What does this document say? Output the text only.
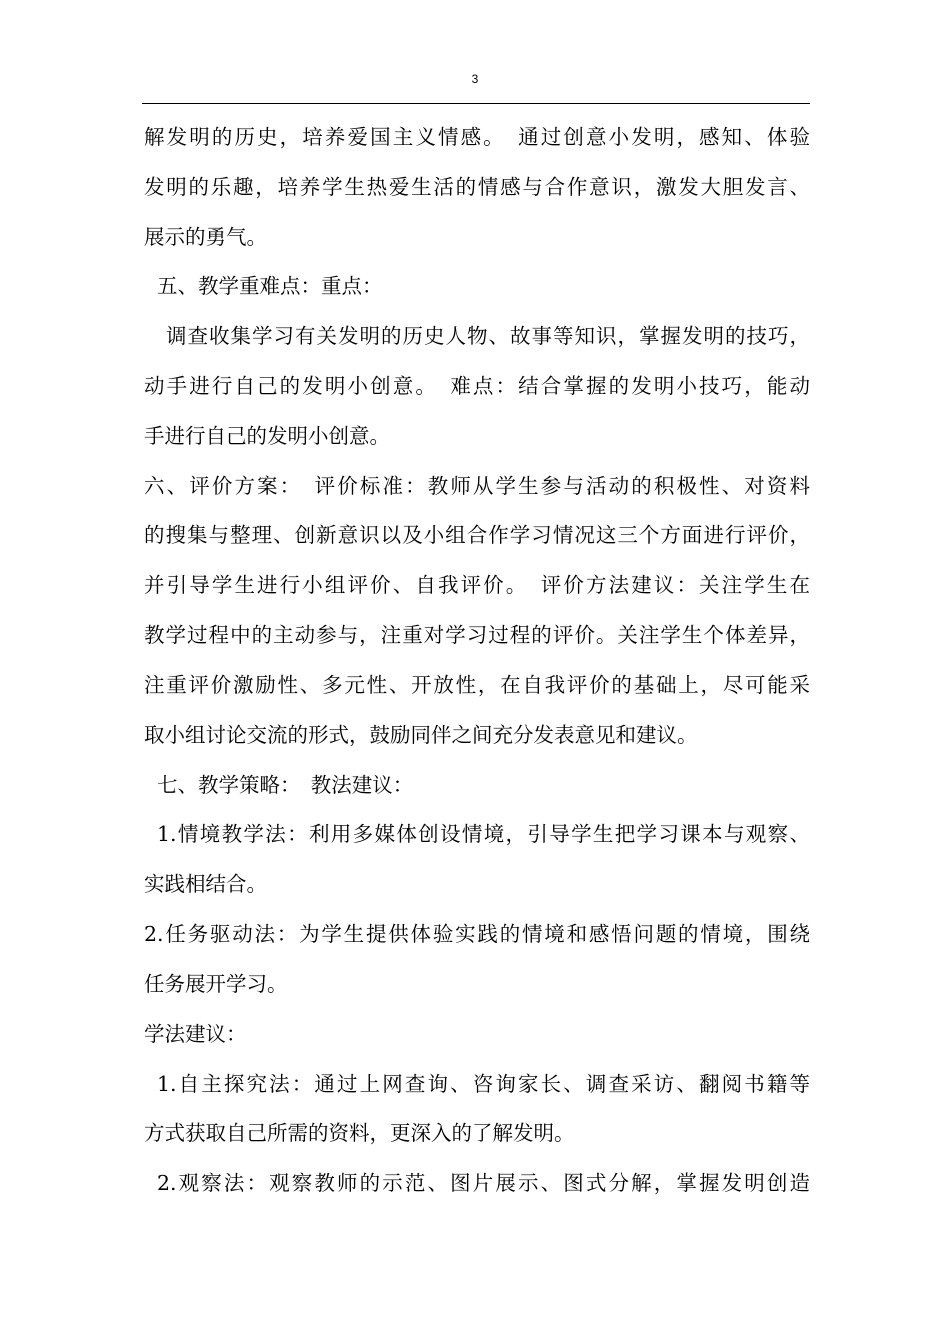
3
解发明的历史，培养爱国主义情感。　通过创意小发明，感知、体验
发明的乐趣，培养学生热爱生活的情感与合作意识，激发大胆发言、
展示的勇气。
五、教学重难点：重点：
调查收集学习有关发明的历史人物、故事等知识，掌握发明的技巧，
动手进行自己的发明小创意。　难点：结合掌握的发明小技巧，能动
手进行自己的发明小创意。
六、评价方案：　评价标准：教师从学生参与活动的积极性、对资料
的搜集与整理、创新意识以及小组合作学习情况这三个方面进行评价，
并引导学生进行小组评价、自我评价。　评价方法建议：关注学生在
教学过程中的主动参与，注重对学习过程的评价。关注学生个体差异，
注重评价激励性、多元性、开放性，在自我评价的基础上，尽可能采
取小组讨论交流的形式，鼓励同伴之间充分发表意见和建议。
七、教学策略：　教法建议：
1.情境教学法：利用多媒体创设情境，引导学生把学习课本与观察、
实践相结合。
2.任务驱动法：为学生提供体验实践的情境和感悟问题的情境，围绕
任务展开学习。
学法建议：
1.自主探究法：通过上网查询、咨询家长、调查采访、翻阅书籍等
方式获取自己所需的资料，更深入的了解发明。
2.观察法：观察教师的示范、图片展示、图式分解，掌握发明创造
